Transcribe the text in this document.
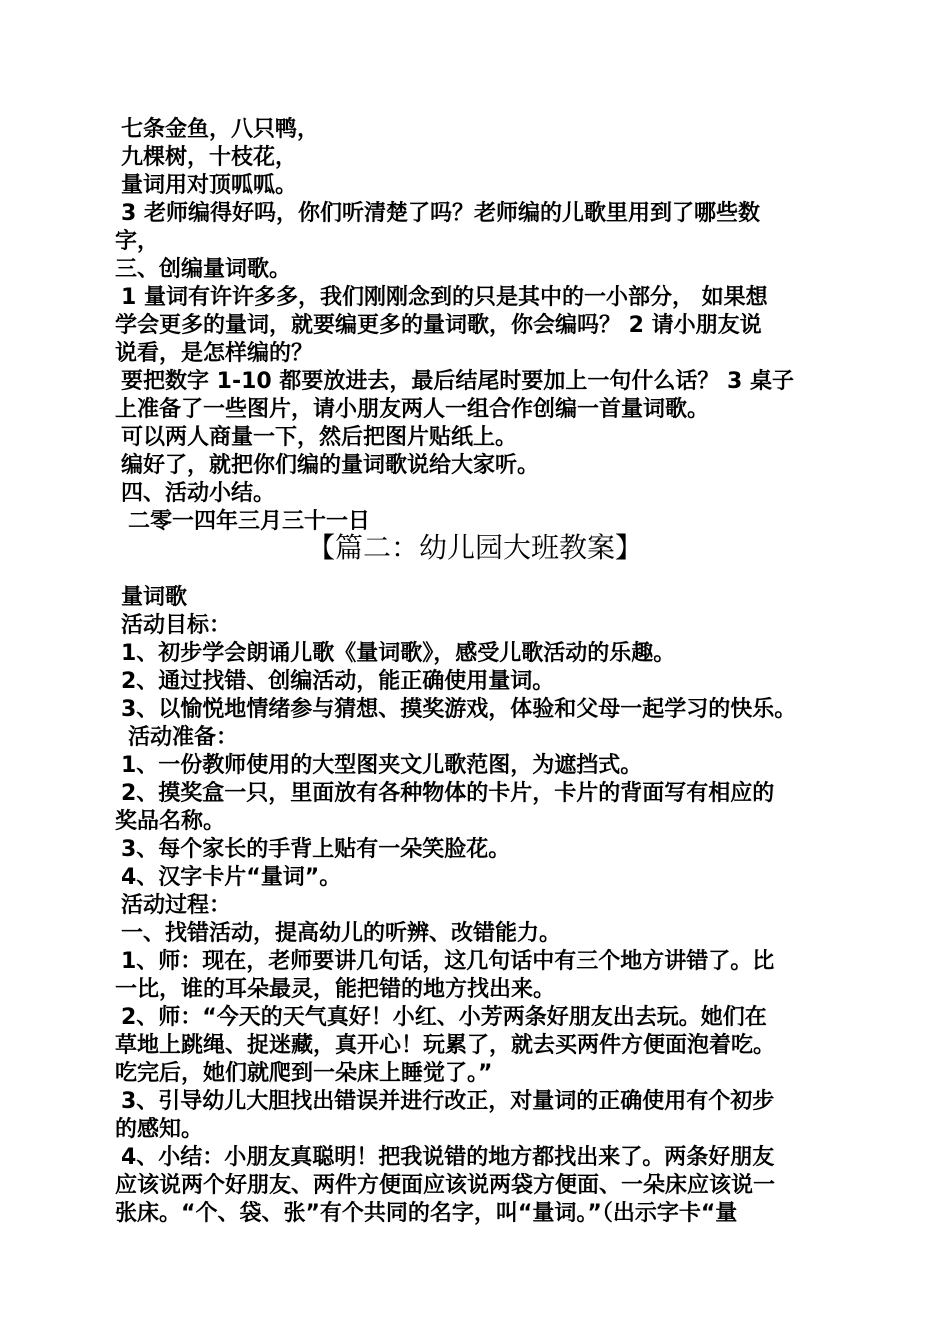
七条金鱼，八只鸭，
九棵树，十枝花，
量词用对顶呱呱。
3 老师编得好吗，你们听清楚了吗？老师编的儿歌里用到了哪些数
字，
三、创编量词歌。
1 量词有许许多多，我们刚刚念到的只是其中的一小部分， 如果想
学会更多的量词，就要编更多的量词歌，你会编吗？ 2 请小朋友说
说看，是怎样编的？
要把数字 1-10 都要放进去，最后结尾时要加上一句什么话？ 3 桌子
上准备了一些图片，请小朋友两人一组合作创编一首量词歌。
可以两人商量一下，然后把图片贴纸上。
编好了，就把你们编的量词歌说给大家听。
四、活动小结。
二零一四年三月三十一日
【篇二：幼儿园大班教案】
量词歌
活动目标：
1、初步学会朗诵儿歌《量词歌》，感受儿歌活动的乐趣。
2、通过找错、创编活动，能正确使用量词。
3、以愉悦地情绪参与猜想、摸奖游戏，体验和父母一起学习的快乐。
活动准备：
1、一份教师使用的大型图夹文儿歌范图，为遮挡式。
2、摸奖盒一只，里面放有各种物体的卡片，卡片的背面写有相应的
奖品名称。
3、每个家长的手背上贴有一朵笑脸花。
4、汉字卡片“量词”。
活动过程：
一、找错活动，提高幼儿的听辨、改错能力。
1、师：现在，老师要讲几句话，这几句话中有三个地方讲错了。比
一比，谁的耳朵最灵，能把错的地方找出来。
2、师：“今天的天气真好！小红、小芳两条好朋友出去玩。她们在
草地上跳绳、捉迷藏，真开心！玩累了，就去买两件方便面泡着吃。
吃完后，她们就爬到一朵床上睡觉了。”
3、引导幼儿大胆找出错误并进行改正，对量词的正确使用有个初步
的感知。
4、小结：小朋友真聪明！把我说错的地方都找出来了。两条好朋友
应该说两个好朋友、两件方便面应该说两袋方便面、一朵床应该说一
张床。“个、袋、张”有个共同的名字，叫“量词。”（出示字卡“量
